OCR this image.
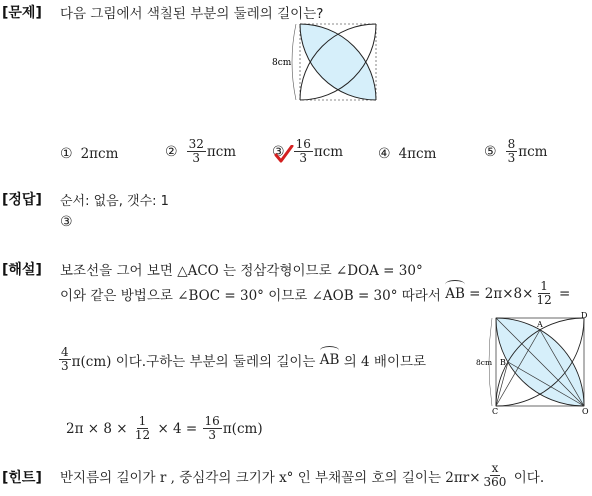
[문제]
[정답]
[해설]
[힌트]
다음 그림에서 색칠된 부분의 둘레의 길이는?
8cm
① 2πcm	② $\frac{32}{3}$ πcm	③ $\frac{16}{3}$ πcm ④ 4πcm	⑤ $\frac{8}{3}$ πcm
순서: 없음, 갯수: 1
③
보조선을 그어 보면 △ACO 는 정삼각형이므로 ∠DOA = 30°
이와 같은 방법으로 ∠BOC = 30° 이므로 ∠AOB = 30° 따라서
AB
= $2\pi\times 8\times \frac{1}{12}$
=
$\frac{4}{3} \pi(cm)$ 이다.구하는 부분의 둘레의 길이는
AB
의 4 배이므로
2π × 8 ×
$\frac{1}{12}$
× 4 =
$\frac{16}{3} \pi(cm)$
A
B
C
D
O
8cm
반지름의 길이가 r , 중심각의 크기가 x° 인 부채꼴의 호의 길이는 $2\pi r\times \frac{x}{360}$
이다.
